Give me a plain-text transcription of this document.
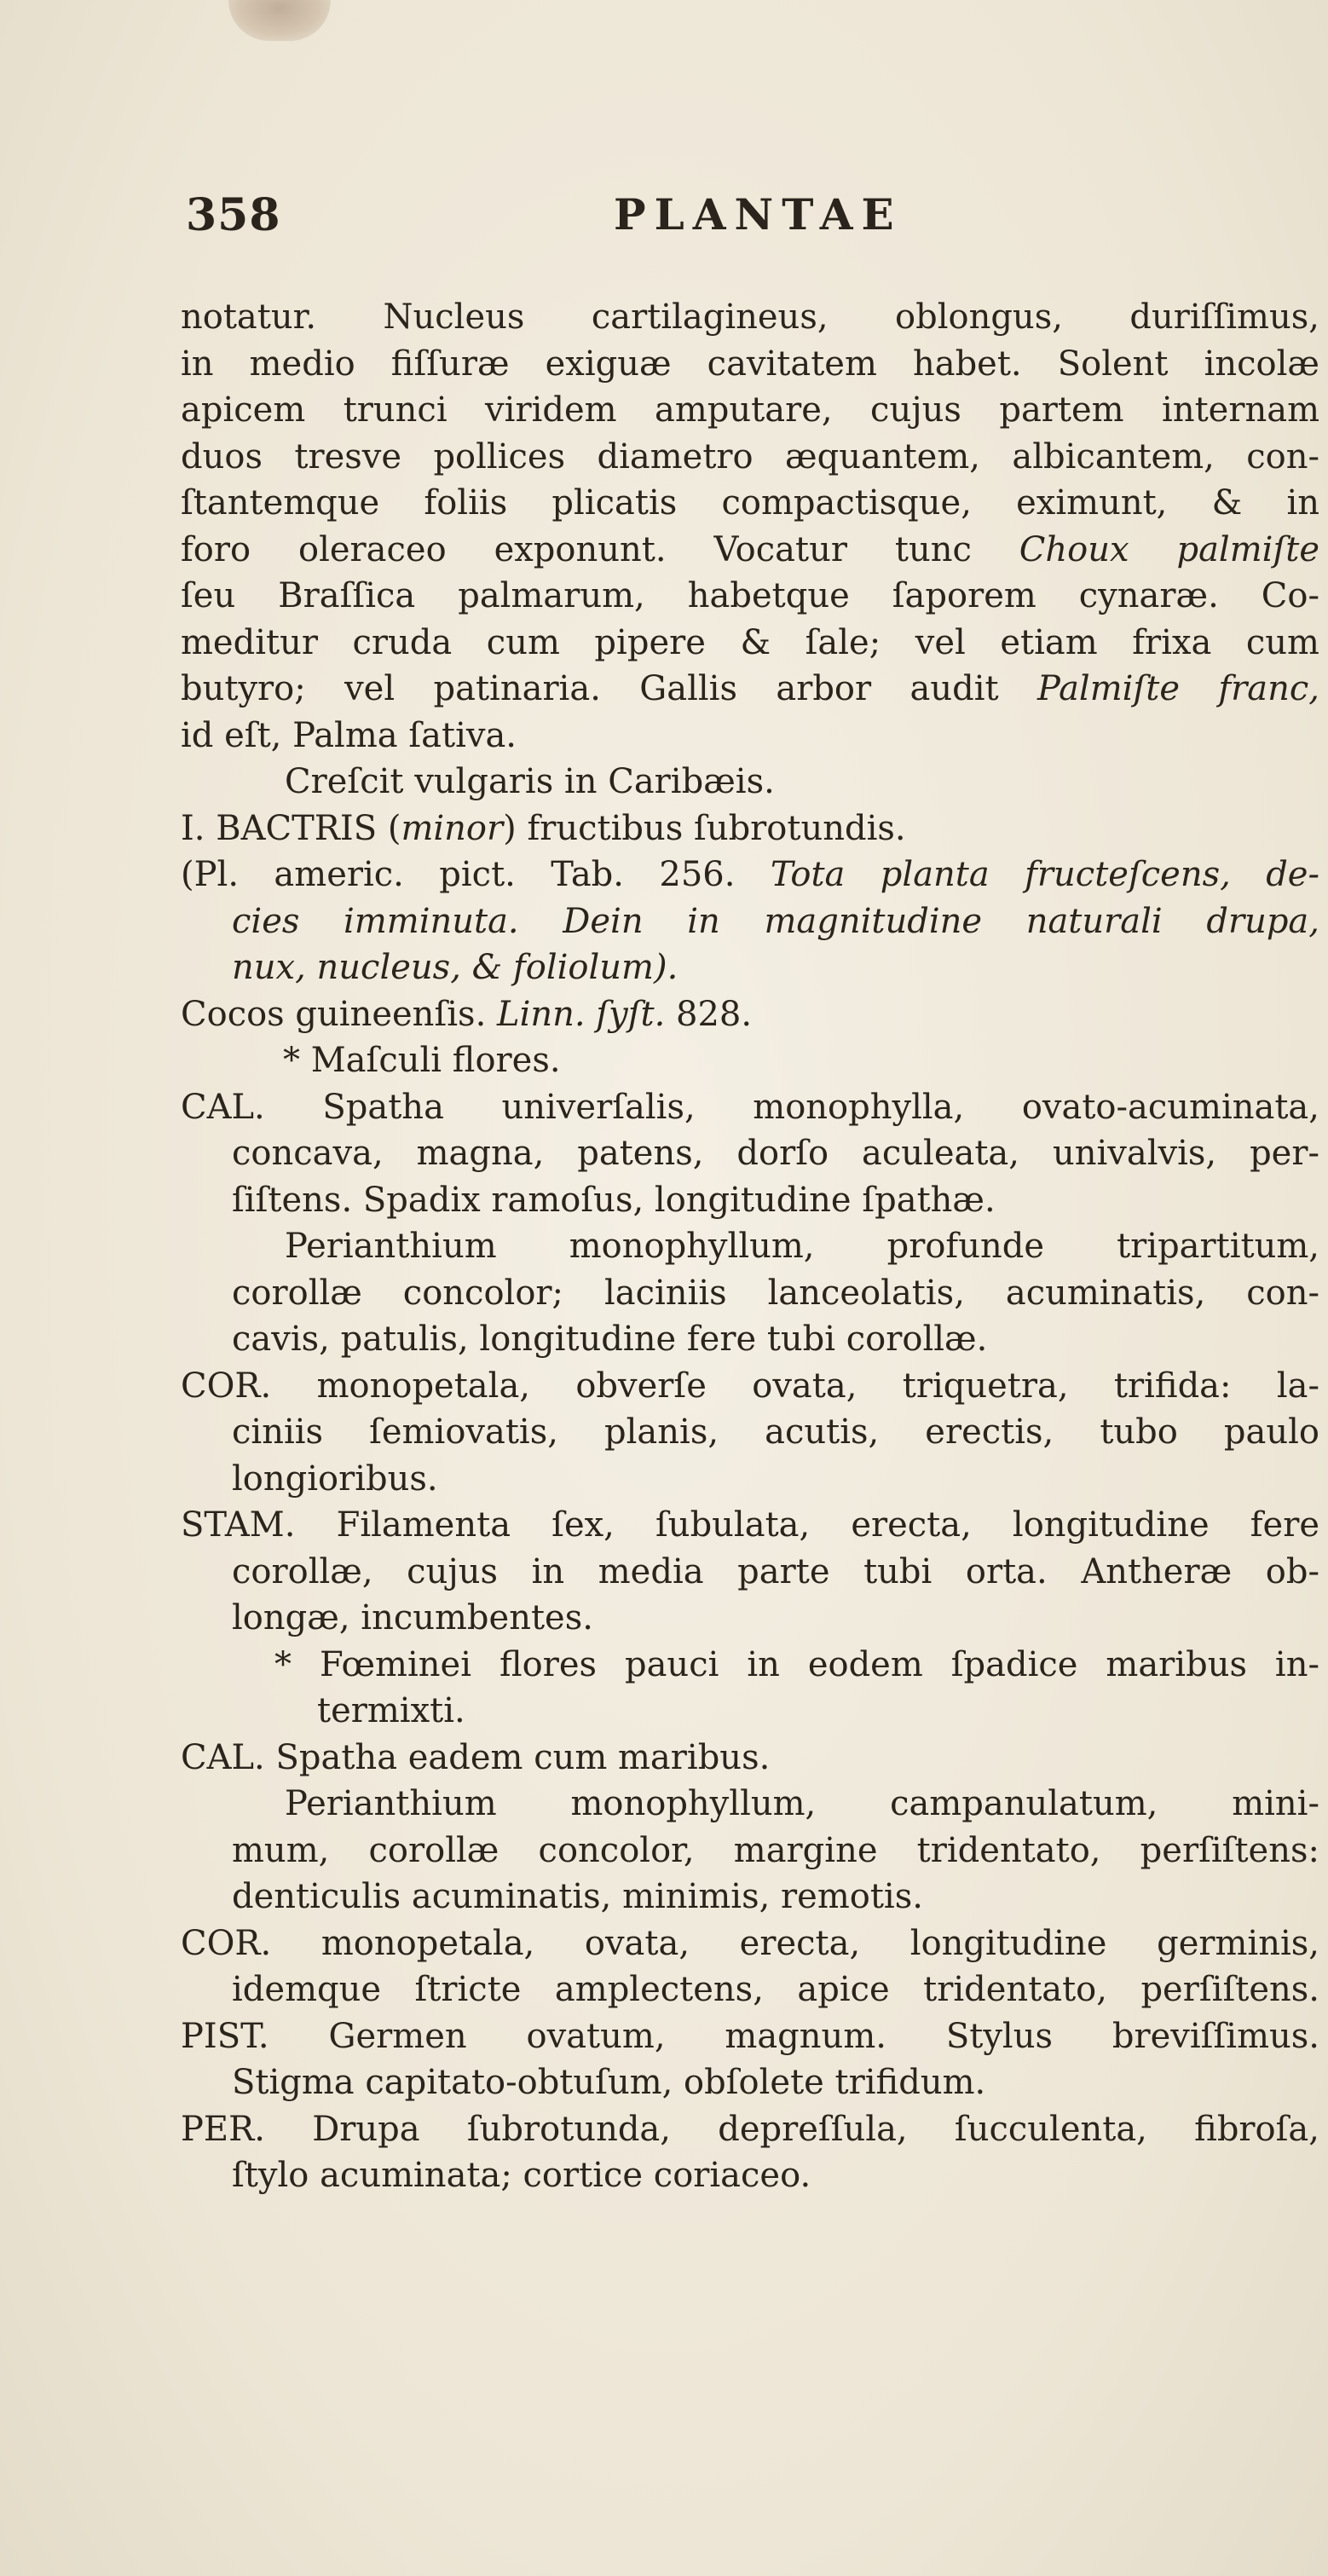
358	PLANTAE
notatur. Nucleus cartilagineus, oblongus, duriſſimus,
in medio fiſſuræ exiguæ cavitatem habet. Solent incolæ
apicem trunci viridem amputare, cujus partem internam
duos tresve pollices diametro æquantem, albicantem, con-
ſtantemque foliis plicatis compactisque, eximunt, & in
foro oleraceo exponunt. Vocatur tunc Choux palmiſte
ſeu Braſſica palmarum, habetque ſaporem cynaræ. Co-
meditur cruda cum pipere & ſale; vel etiam frixa cum
butyro; vel patinaria. Gallis arbor audit Palmiſte franc,
id eſt, Palma ſativa.
Creſcit vulgaris in Caribæis.
I. BACTRIS (minor) fructibus ſubrotundis.
(Pl. americ. pict. Tab. 256. Tota planta fructeſcens, de-
cies imminuta. Dein in magnitudine naturali drupa,
nux, nucleus, & foliolum).
Cocos guineenſis. Linn. ſyſt. 828.
* Maſculi flores.
CAL. Spatha univerſalis, monophylla, ovato-acuminata,
concava, magna, patens, dorſo aculeata, univalvis, per-
ſiſtens. Spadix ramoſus, longitudine ſpathæ.
Perianthium monophyllum, profunde tripartitum,
corollæ concolor; laciniis lanceolatis, acuminatis, con-
cavis, patulis, longitudine fere tubi corollæ.
COR. monopetala, obverſe ovata, triquetra, trifida: la-
ciniis ſemiovatis, planis, acutis, erectis, tubo paulo
longioribus.
STAM. Filamenta ſex, ſubulata, erecta, longitudine fere
corollæ, cujus in media parte tubi orta. Antheræ ob-
longæ, incumbentes.
* Fœminei flores pauci in eodem ſpadice maribus in-
termixti.
CAL. Spatha eadem cum maribus.
Perianthium monophyllum, campanulatum, mini-
mum, corollæ concolor, margine tridentato, perſiſtens:
denticulis acuminatis, minimis, remotis.
COR. monopetala, ovata, erecta, longitudine germinis,
idemque ſtricte amplectens, apice tridentato, perſiſtens.
PIST. Germen ovatum, magnum. Stylus breviſſimus.
Stigma capitato-obtuſum, obſolete trifidum.
PER. Drupa ſubrotunda, depreſſula, ſucculenta, fibroſa,
ſtylo acuminata; cortice coriaceo.
